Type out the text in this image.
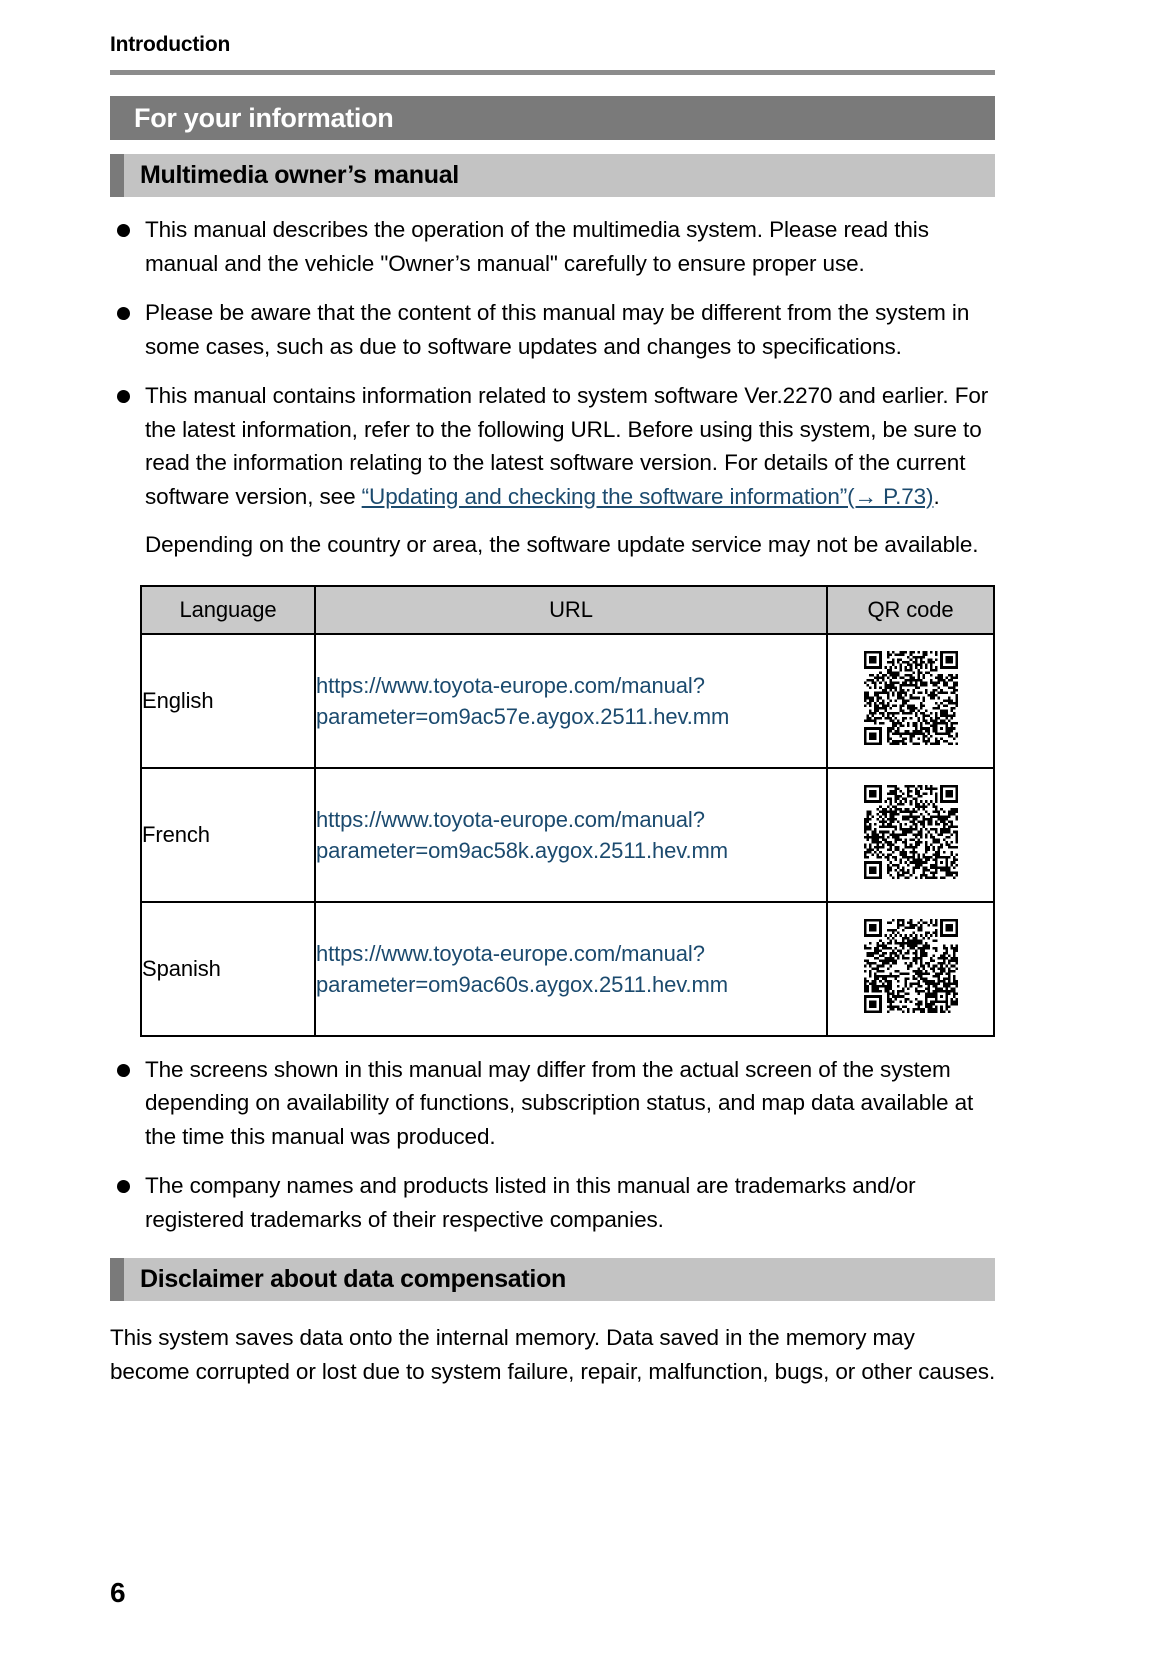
Introduction
For your information
Multimedia owner’s manual
This manual describes the operation of the multimedia system. Please read this manual and the vehicle "Owner’s manual" carefully to ensure proper use.
Please be aware that the content of this manual may be different from the system in some cases, such as due to software updates and changes to specifications.
This manual contains information related to system software Ver.2270 and earlier. For the latest information, refer to the following URL. Before using this system, be sure to read the information relating to the latest software version. For details of the current software version, see “Updating and checking the software information”(→ P.73).
Depending on the country or area, the software update service may not be available.
Language	URL	QR code
English	https://www.toyota-europe.com/manual?
parameter=om9ac57e.aygox.2511.hev.mm

French	https://www.toyota-europe.com/manual?
parameter=om9ac58k.aygox.2511.hev.mm

Spanish	https://www.toyota-europe.com/manual?
parameter=om9ac60s.aygox.2511.hev.mm

The screens shown in this manual may differ from the actual screen of the system depending on availability of functions, subscription status, and map data available at the time this manual was produced.
The company names and products listed in this manual are trademarks and/or registered trademarks of their respective companies.
Disclaimer about data compensation
This system saves data onto the internal memory. Data saved in the memory may become corrupted or lost due to system failure, repair, malfunction, bugs, or other causes.
6
